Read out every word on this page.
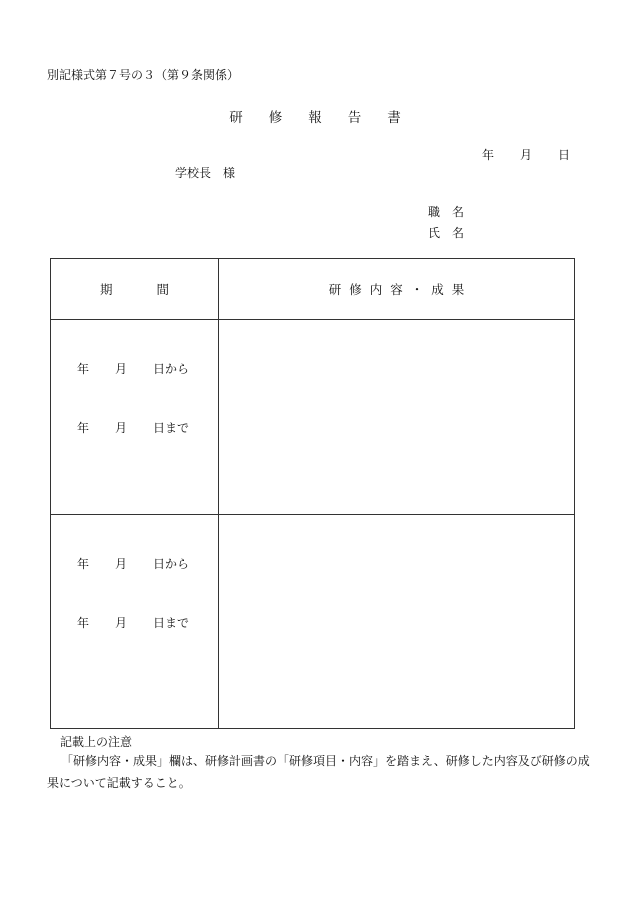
別記様式第７号の３（第９条関係）
研 修 報 告 書
年 月 日
学校長　様
職　名
氏　名
期 間	研 修 内 容 ・ 成 果

年 月 日から
年 月 日まで	

年 月 日から
年 月 日まで	

記載上の注意
「研修内容・成果」欄は、研修計画書の「研修項目・内容」を踏まえ、研修した内容及び研修の成果について記載すること。
